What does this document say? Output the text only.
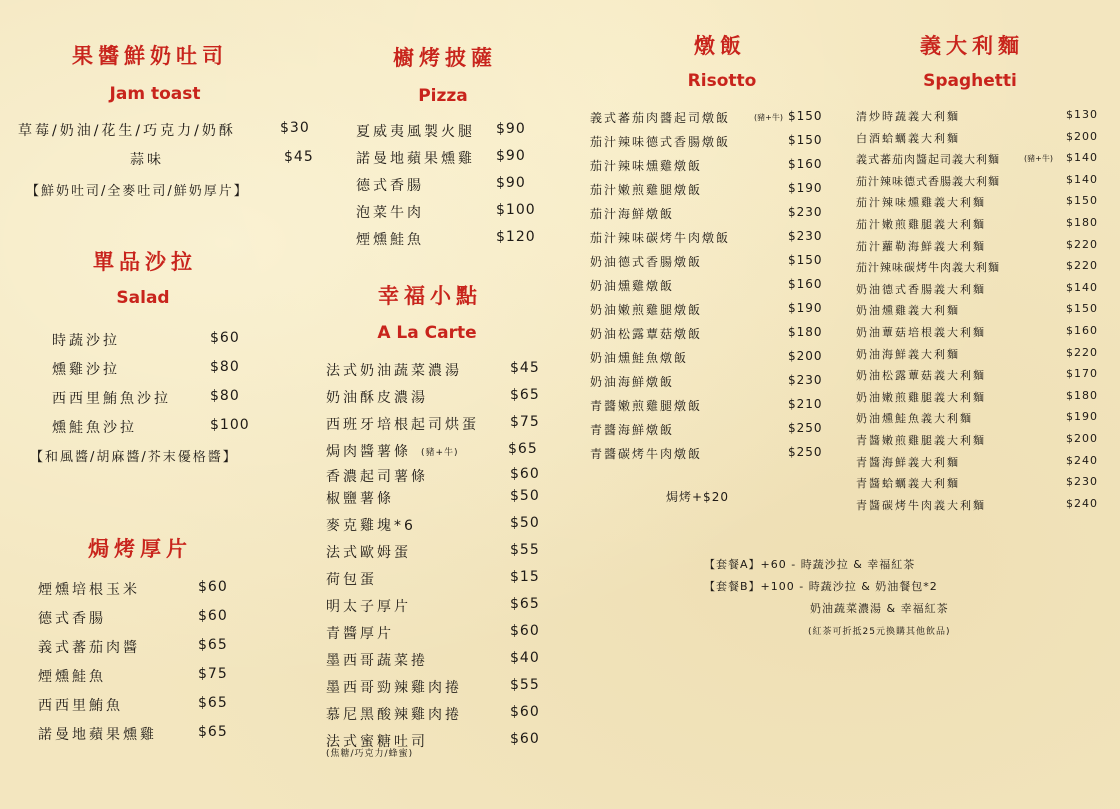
果醬鮮奶吐司
Jam toast
草莓/奶油/花生/巧克力/奶酥	$30
蒜味	$45
【鮮奶吐司/全麥吐司/鮮奶厚片】
單品沙拉
Salad
時蔬沙拉	$60
燻雞沙拉	$80
西西里鮪魚沙拉	$80
燻鮭魚沙拉	$100
【和風醬/胡麻醬/芥末優格醬】
焗烤厚片
煙燻培根玉米	$60
德式香腸	$60
義式蕃茄肉醬	$65
煙燻鮭魚	$75
西西里鮪魚	$65
諾曼地蘋果燻雞	$65
櫥烤披薩
Pizza
夏威夷風製火腿 $90
諾曼地蘋果燻雞 $90
德式香腸	$90
泡菜牛肉	$100
煙燻鮭魚	$120
幸福小點
A La Carte
法式奶油蔬菜濃湯	$45
奶油酥皮濃湯	$65
西班牙培根起司烘蛋 $75
焗肉醬薯條 (豬+牛)	$65
香濃起司薯條	$60
椒鹽薯條	$50
麥克雞塊*6	$50
法式歐姆蛋	$55
荷包蛋	$15
明太子厚片	$65
青醬厚片	$60
墨西哥蔬菜捲	$40
墨西哥勁辣雞肉捲	$55
慕尼黑酸辣雞肉捲	$60
法式蜜糖吐司	$60
(焦糖/巧克力/蜂蜜)
燉飯
Risotto
義式蕃茄肉醬起司燉飯	(豬+牛) $150
茄汁辣味德式香腸燉飯	$150
茄汁辣味燻雞燉飯	$160
茄汁嫩煎雞腿燉飯	$190
茄汁海鮮燉飯	$230
茄汁辣味碳烤牛肉燉飯	$230
奶油德式香腸燉飯	$150
奶油燻雞燉飯	$160
奶油嫩煎雞腿燉飯	$190
奶油松露蕈菇燉飯	$180
奶油燻鮭魚燉飯	$200
奶油海鮮燉飯	$230
青醬嫩煎雞腿燉飯	$210
青醬海鮮燉飯	$250
青醬碳烤牛肉燉飯	$250
焗烤+$20
義大利麵
Spaghetti
清炒時蔬義大利麵	$130
白酒蛤蠣義大利麵	$200
義式蕃茄肉醬起司義大利麵	(豬+牛) $140
茄汁辣味德式香腸義大利麵	$140
茄汁辣味燻雞義大利麵	$150
茄汁嫩煎雞腿義大利麵	$180
茄汁蘿勒海鮮義大利麵	$220
茄汁辣味碳烤牛肉義大利麵	$220
奶油德式香腸義大利麵	$140
奶油燻雞義大利麵	$150
奶油蕈菇培根義大利麵	$160
奶油海鮮義大利麵	$220
奶油松露蕈菇義大利麵	$170
奶油嫩煎雞腿義大利麵	$180
奶油燻鮭魚義大利麵	$190
青醬嫩煎雞腿義大利麵	$200
青醬海鮮義大利麵	$240
青醬蛤蠣義大利麵	$230
青醬碳烤牛肉義大利麵	$240
【套餐A】+60 - 時蔬沙拉 & 幸福紅茶
【套餐B】+100 - 時蔬沙拉 & 奶油餐包*2
奶油蔬菜濃湯 & 幸福紅茶
(紅茶可折抵25元換購其他飲品)
